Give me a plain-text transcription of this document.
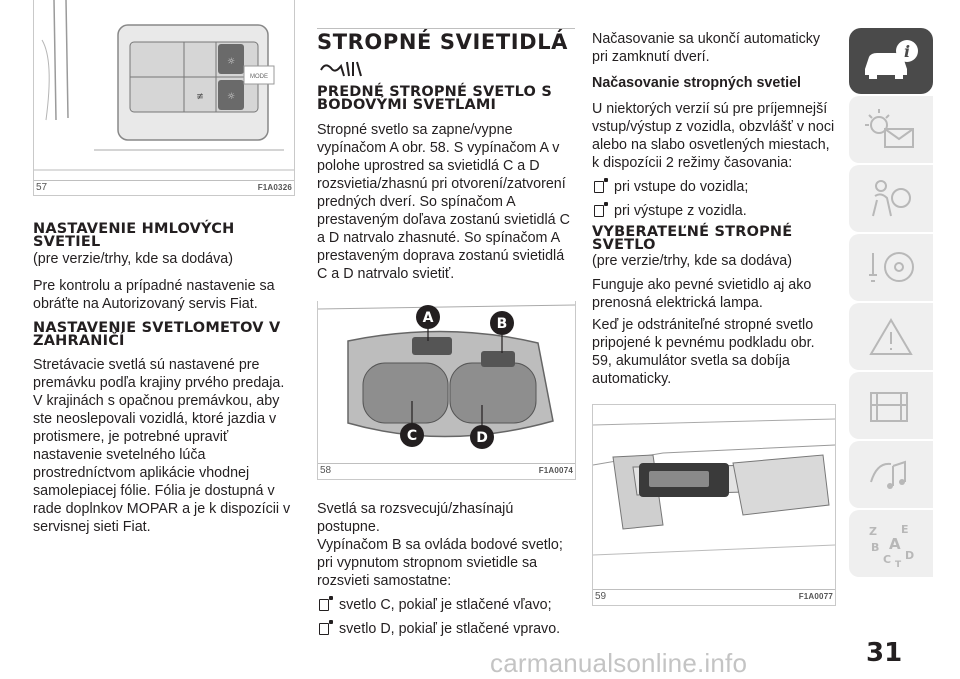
☼
☼
≢
MODE
57	F1A0326
NASTAVENIE HMLOVÝCH SVETIEL

(pre verzie/trhy, kde sa dodáva)

Pre kontrolu a prípadné nastavenie sa obráťte na Autorizovaný servis Fiat.

NASTAVENIE SVETLOMETOV V ZAHRANIČÍ

Stretávacie svetlá sú nastavené pre premávku podľa krajiny prvého predaja. V krajinách s opačnou premávkou, aby ste neoslepovali vozidlá, ktoré jazdia v protismere, je potrebné upraviť nastavenie svetelného lúča prostredníctvom aplikácie vhodnej samolepiacej fólie. Fólia je dostupná v rade doplnkov MOPAR a je k dispozícii v servisnej sieti Fiat.

STROPNÉ SVIETIDLÁ
PREDNÉ STROPNÉ SVETLO S BODOVÝMI SVETLAMI

Stropné svetlo sa zapne/vypne vypínačom A obr. 58. S vypínačom A v polohe uprostred sa svietidlá C a D rozsvietia/zhasnú pri otvorení/zatvorení predných dverí. So spínačom A prestaveným doľava zostanú svietidlá C a D natrvalo zhasnuté. So spínačom A prestaveným doprava zostanú svietidlá C a D natrvalo svietiť.

A	B
C	D
58	F1A0074

Svetlá sa rozsvecujú/zhasínajú postupne.

Vypínačom B sa ovláda bodové svetlo; pri vypnutom stropnom svietidle sa rozsvieti samostatne:

svetlo C, pokiaľ je stlačené vľavo;
svetlo D, pokiaľ je stlačené vpravo.

Načasovanie sa ukončí automaticky pri zamknutí dverí.

Načasovanie stropných svetiel

U niektorých verzií sú pre príjemnejší vstup/výstup z vozidla, obzvlášť v noci alebo na slabo osvetlených miestach, k dispozícii 2 režimy časovania:

pri vstupe do vozidla;
pri výstupe z vozidla.
VYBERATEĽNÉ STROPNÉ SVETLO

(pre verzie/trhy, kde sa dodáva)

Funguje ako pevné svietidlo aj ako prenosná elektrická lampa.

Keď je odstrániteľné stropné svetlo pripojené k pevnému podkladu obr. 59, akumulátor svetla sa dobíja automaticky.

59	F1A0077
i
Z E
B A
C D
T
31
carmanualsonline.info
